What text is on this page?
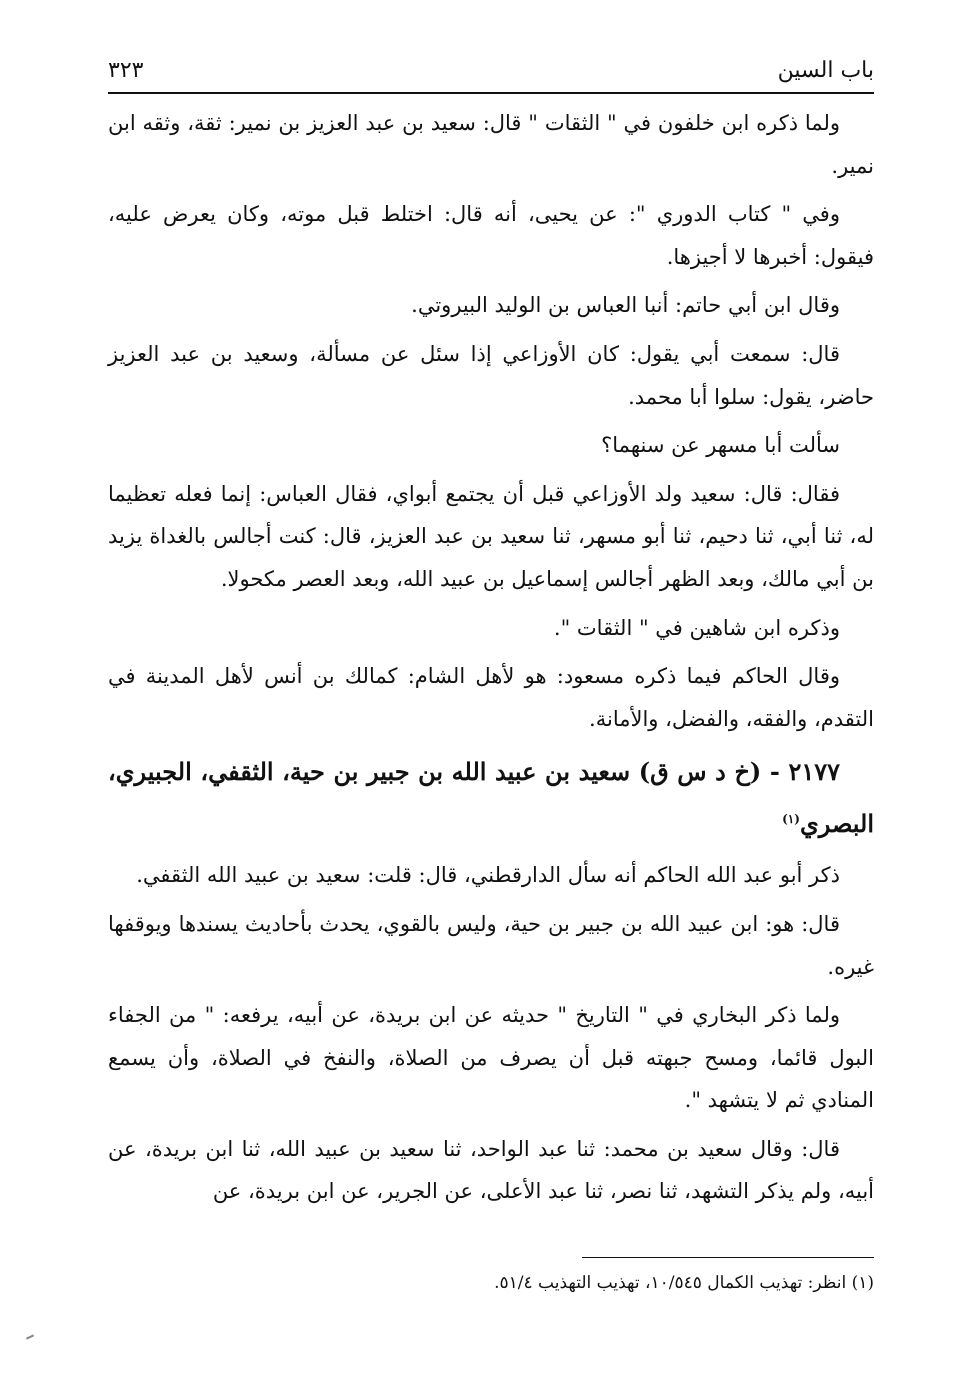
باب السين
٣٢٣

ولما ذكره ابن خلفون في " الثقات " قال: سعيد بن عبد العزيز بن نمير: ثقة، وثقه ابن نمير.

وفي " كتاب الدوري ": عن يحيى، أنه قال: اختلط قبل موته، وكان يعرض عليه، فيقول: أخبرها لا أجيزها.

وقال ابن أبي حاتم: أنبا العباس بن الوليد البيروتي.

قال: سمعت أبي يقول: كان الأوزاعي إذا سئل عن مسألة، وسعيد بن عبد العزيز حاضر، يقول: سلوا أبا محمد.

سألت أبا مسهر عن سنهما؟

فقال: قال: سعيد ولد الأوزاعي قبل أن يجتمع أبواي، فقال العباس: إنما فعله تعظيما له، ثنا أبي، ثنا دحيم، ثنا أبو مسهر، ثنا سعيد بن عبد العزيز، قال: كنت أجالس بالغداة يزيد بن أبي مالك، وبعد الظهر أجالس إسماعيل بن عبيد الله، وبعد العصر مكحولا.

وذكره ابن شاهين في " الثقات ".

وقال الحاكم فيما ذكره مسعود: هو لأهل الشام: كمالك بن أنس لأهل المدينة في التقدم، والفقه، والفضل، والأمانة.

٢١٧٧ - (خ د س ق) سعيد بن عبيد الله بن جبير بن حية، الثقفي، الجبيري، البصري$^{(١)}$

ذكر أبو عبد الله الحاكم أنه سأل الدارقطني، قال: قلت: سعيد بن عبيد الله الثقفي.

قال: هو: ابن عبيد الله بن جبير بن حية، وليس بالقوي، يحدث بأحاديث يسندها ويوقفها غيره.

ولما ذكر البخاري في " التاريخ " حديثه عن ابن بريدة، عن أبيه، يرفعه: " من الجفاء البول قائما، ومسح جبهته قبل أن يصرف من الصلاة، والنفخ في الصلاة، وأن يسمع المنادي ثم لا يتشهد ".

قال: وقال سعيد بن محمد: ثنا عبد الواحد، ثنا سعيد بن عبيد الله، ثنا ابن بريدة، عن أبيه، ولم يذكر التشهد، ثنا نصر، ثنا عبد الأعلى، عن الجرير، عن ابن بريدة، عن

(١) انظر: تهذيب الكمال ١٠/٥٤٥، تهذيب التهذيب ٥١/٤.
